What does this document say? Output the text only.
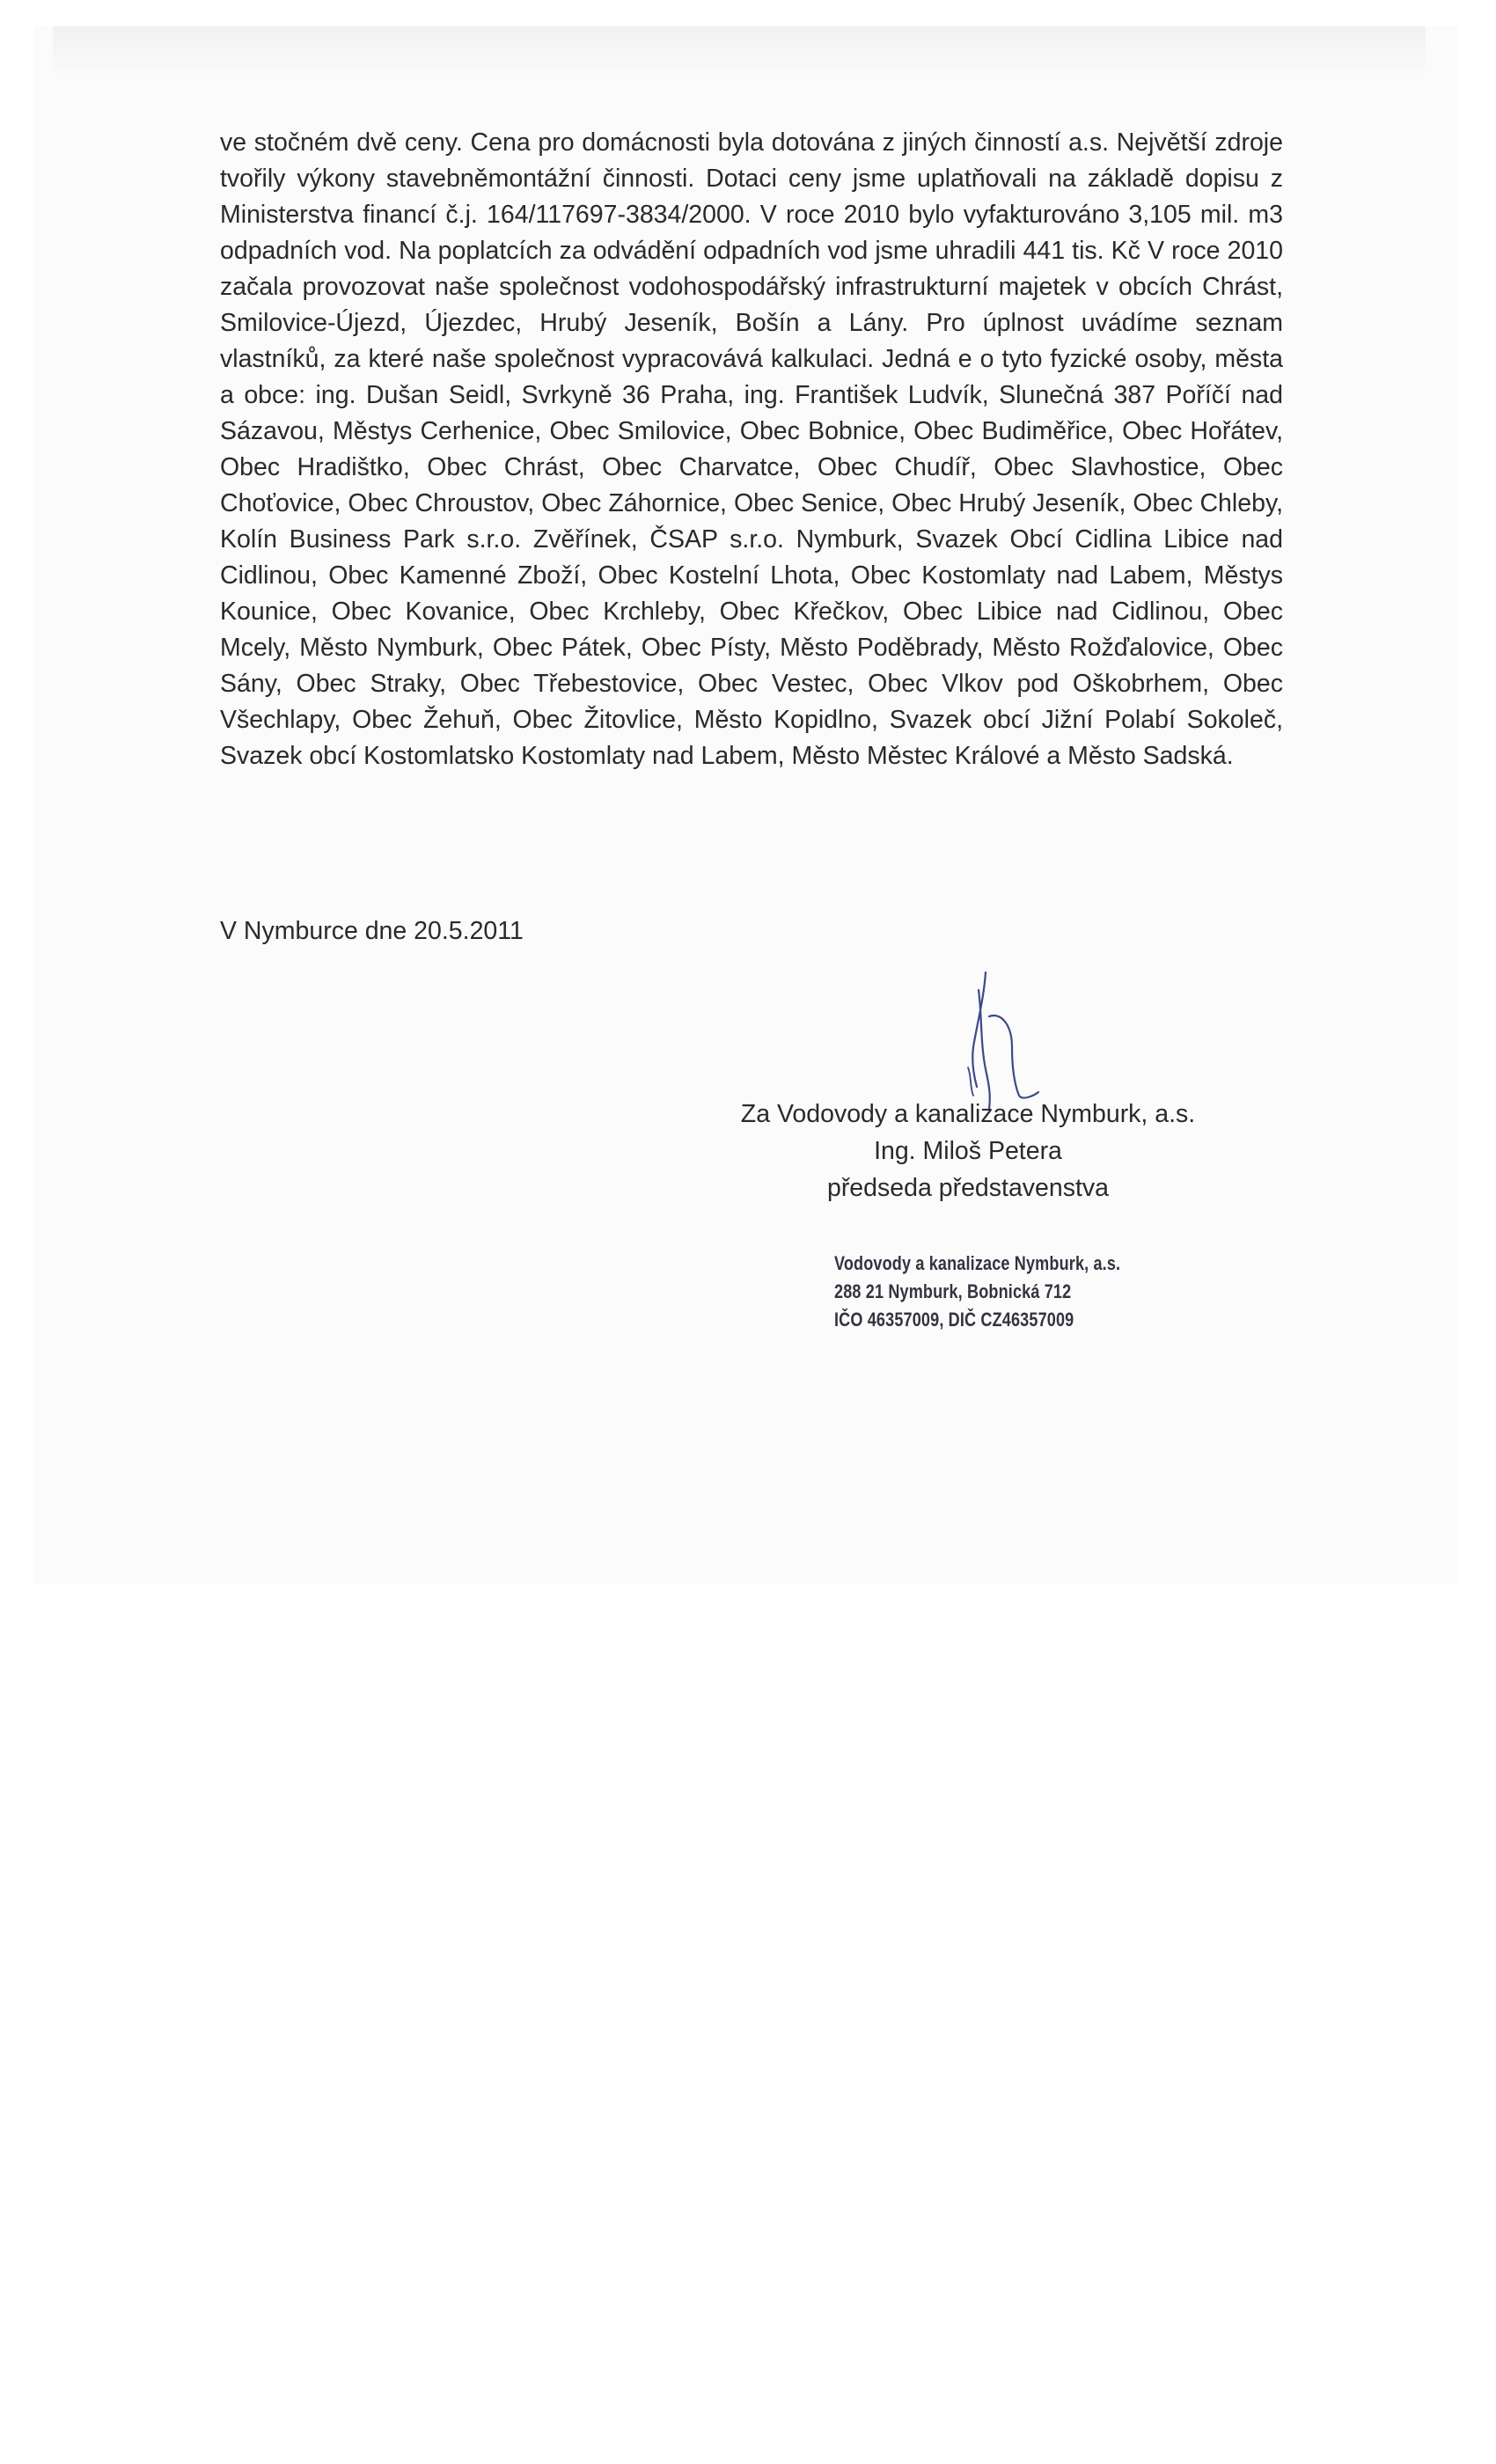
ve stočném dvě ceny. Cena pro domácnosti byla dotována z jiných činností a.s. Největší zdroje tvořily výkony stavebněmontážní činnosti. Dotaci ceny jsme uplatňovali na základě dopisu z Ministerstva financí č.j. 164/117697-3834/2000. V roce 2010 bylo vyfakturováno 3,105 mil. m3 odpadních vod. Na poplatcích za odvádění odpadních vod jsme uhradili 441 tis. Kč V roce 2010 začala provozovat naše společnost vodohospodářský infrastrukturní majetek v obcích Chrást, Smilovice-Újezd, Újezdec, Hrubý Jeseník, Bošín a Lány. Pro úplnost uvádíme seznam vlastníků, za které naše společnost vypracovává kalkulaci. Jedná e o tyto fyzické osoby, města a obce: ing. Dušan Seidl, Svrkyně 36 Praha, ing. František Ludvík, Slunečná 387 Poříčí nad Sázavou, Městys Cerhenice, Obec Smilovice, Obec Bobnice, Obec Budiměřice, Obec Hořátev, Obec Hradištko, Obec Chrást, Obec Charvatce, Obec Chudíř, Obec Slavhostice, Obec Choťovice, Obec Chroustov, Obec Záhornice, Obec Senice, Obec Hrubý Jeseník, Obec Chleby, Kolín Business Park s.r.o. Zvěřínek, ČSAP s.r.o. Nymburk, Svazek Obcí Cidlina Libice nad Cidlinou, Obec Kamenné Zboží, Obec Kostelní Lhota, Obec Kostomlaty nad Labem, Městys Kounice, Obec Kovanice, Obec Krchleby, Obec Křečkov, Obec Libice nad Cidlinou, Obec Mcely, Město Nymburk, Obec Pátek, Obec Písty, Město Poděbrady, Město Rožďalovice, Obec Sány, Obec Straky, Obec Třebestovice, Obec Vestec, Obec Vlkov pod Oškobrhem, Obec Všechlapy, Obec Žehuň, Obec Žitovlice, Město Kopidlno, Svazek obcí Jižní Polabí Sokoleč, Svazek obcí Kostomlatsko Kostomlaty nad Labem, Město Městec Králové a Město Sadská.

V Nymburce dne 20.5.2011

Za Vodovody a kanalizace Nymburk, a.s.
Ing. Miloš Petera
předseda představenstva
Vodovody a kanalizace Nymburk, a.s.
288 21 Nymburk, Bobnická 712
IČO 46357009, DIČ CZ46357009
